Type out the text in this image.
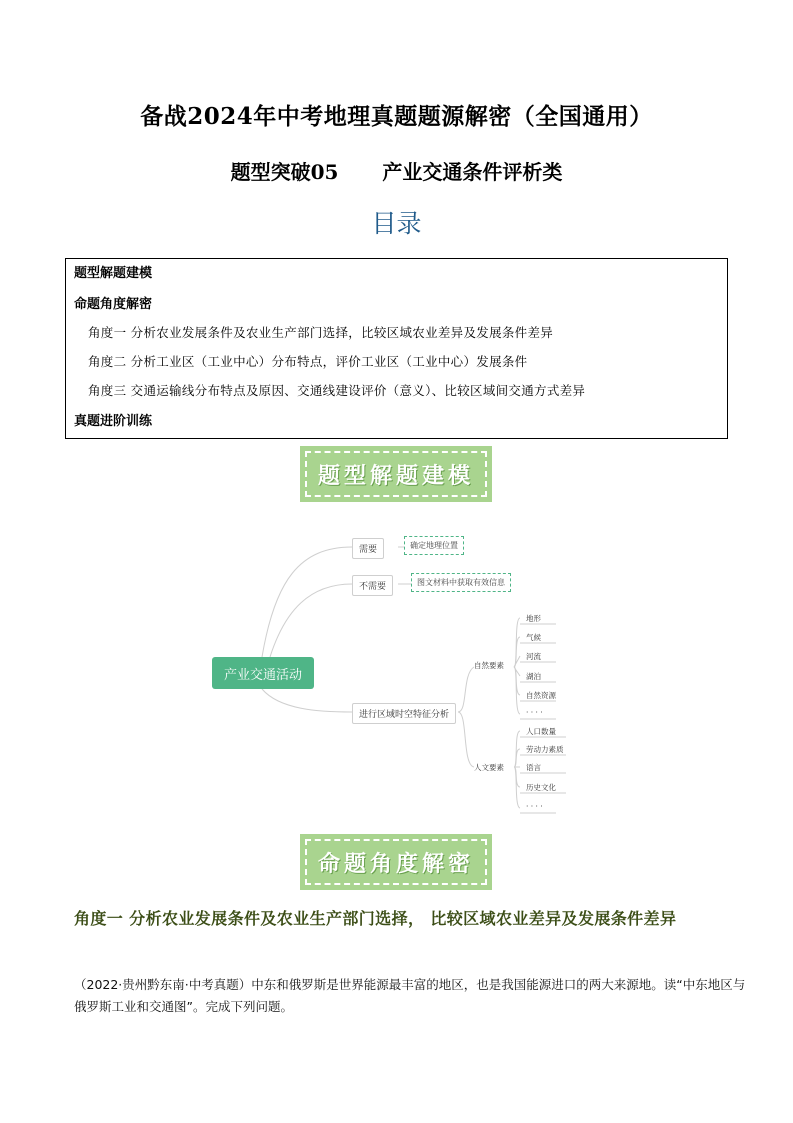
备战2024年中考地理真题题源解密（全国通用）
题型突破05 产业交通条件评析类
目录
题型解题建模
命题角度解密
角度一 分析农业发展条件及农业生产部门选择，比较区域农业差异及发展条件差异
角度二 分析工业区（工业中心）分布特点，评价工业区（工业中心）发展条件
角度三 交通运输线分布特点及原因、交通线建设评价（意义）、比较区域间交通方式差异
真题进阶训练
题型解题建模
产业交通活动
需要	确定地理位置
不需要	图文材料中获取有效信息
进行区域时空特征分析
自然要素
地形
气候
河流
湖泊
自然资源
· · · ·
人文要素
人口数量
劳动力素质
语言
历史文化
· · · ·
命题角度解密
角度一 分析农业发展条件及农业生产部门选择， 比较区域农业差异及发展条件差异
（2022·贵州黔东南·中考真题）中东和俄罗斯是世界能源最丰富的地区，也是我国能源进口的两大来源地。读“中东地区与俄罗斯工业和交通图”。完成下列问题。
